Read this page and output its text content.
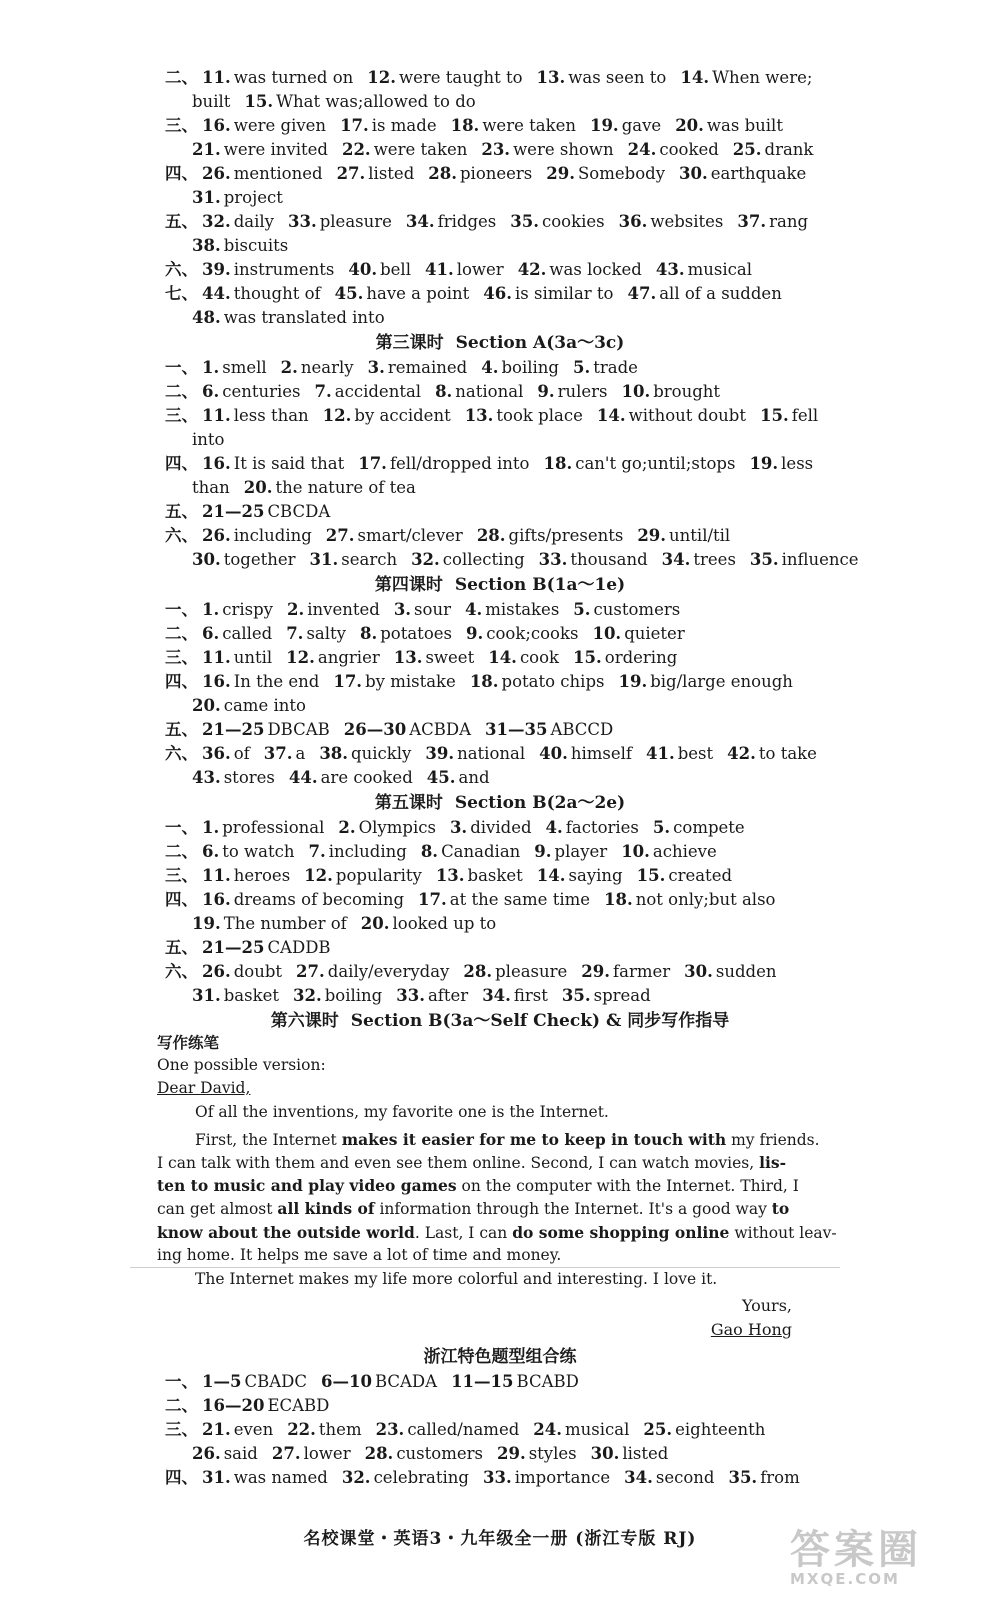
二、 11. was turned on 12. were taught to 13. was seen to 14. When were;
built 15. What was;allowed to do
三、 16. were given 17. is made 18. were taken 19. gave 20. was built
21. were invited 22. were taken 23. were shown 24. cooked 25. drank
四、 26. mentioned 27. listed 28. pioneers 29. Somebody 30. earthquake
31. project
五、 32. daily 33. pleasure 34. fridges 35. cookies 36. websites 37. rang
38. biscuits
六、 39. instruments 40. bell 41. lower 42. was locked 43. musical
七、 44. thought of 45. have a point 46. is similar to 47. all of a sudden
48. was translated into
一、 1. smell 2. nearly 3. remained 4. boiling 5. trade
二、 6. centuries 7. accidental 8. national 9. rulers 10. brought
三、 11. less than 12. by accident 13. took place 14. without doubt 15. fell
into
四、 16. It is said that 17. fell/dropped into 18. can't go;until;stops 19. less
than 20. the nature of tea
五、 21—25 CBCDA
六、 26. including 27. smart/clever 28. gifts/presents 29. until/til
30. together 31. search 32. collecting 33. thousand 34. trees 35. influence
一、 1. crispy 2. invented 3. sour 4. mistakes 5. customers
二、 6. called 7. salty 8. potatoes 9. cook;cooks 10. quieter
三、 11. until 12. angrier 13. sweet 14. cook 15. ordering
四、 16. In the end 17. by mistake 18. potato chips 19. big/large enough
20. came into
五、 21—25 DBCAB 26—30 ACBDA 31—35 ABCCD
六、 36. of 37. a 38. quickly 39. national 40. himself 41. best 42. to take
43. stores 44. are cooked 45. and
一、 1. professional 2. Olympics 3. divided 4. factories 5. compete
二、 6. to watch 7. including 8. Canadian 9. player 10. achieve
三、 11. heroes 12. popularity 13. basket 14. saying 15. created
四、 16. dreams of becoming 17. at the same time 18. not only;but also
19. The number of 20. looked up to
五、 21—25 CADDB
六、 26. doubt 27. daily/everyday 28. pleasure 29. farmer 30. sudden
31. basket 32. boiling 33. after 34. first 35. spread
一、 1—5 CBADC 6—10 BCADA 11—15 BCABD
二、 16—20 ECABD
三、 21. even 22. them 23. called/named 24. musical 25. eighteenth
26. said 27. lower 28. customers 29. styles 30. listed
四、 31. was named 32. celebrating 33. importance 34. second 35. from
第三课时 Section A(3a～3c)
第四课时 Section B(1a～1e)
第五课时 Section B(2a～2e)
第六课时 Section B(3a～Self Check) & 同步写作指导
浙江特色题型组合练
写作练笔
One possible version:
Dear David,
Of all the inventions, my favorite one is the Internet.
First, the Internet makes it easier for me to keep in touch with my friends.
I can talk with them and even see them online. Second, I can watch movies, lis-
ten to music and play video games on the computer with the Internet. Third, I
can get almost all kinds of information through the Internet. It's a good way to
know about the outside world. Last, I can do some shopping online without leav-
ing home. It helps me save a lot of time and money.
The Internet makes my life more colorful and interesting. I love it.
Yours,
Gao Hong
名校课堂・英语3・九年级全一册 (浙江专版 RJ)	答案圈
MXQE.COM
